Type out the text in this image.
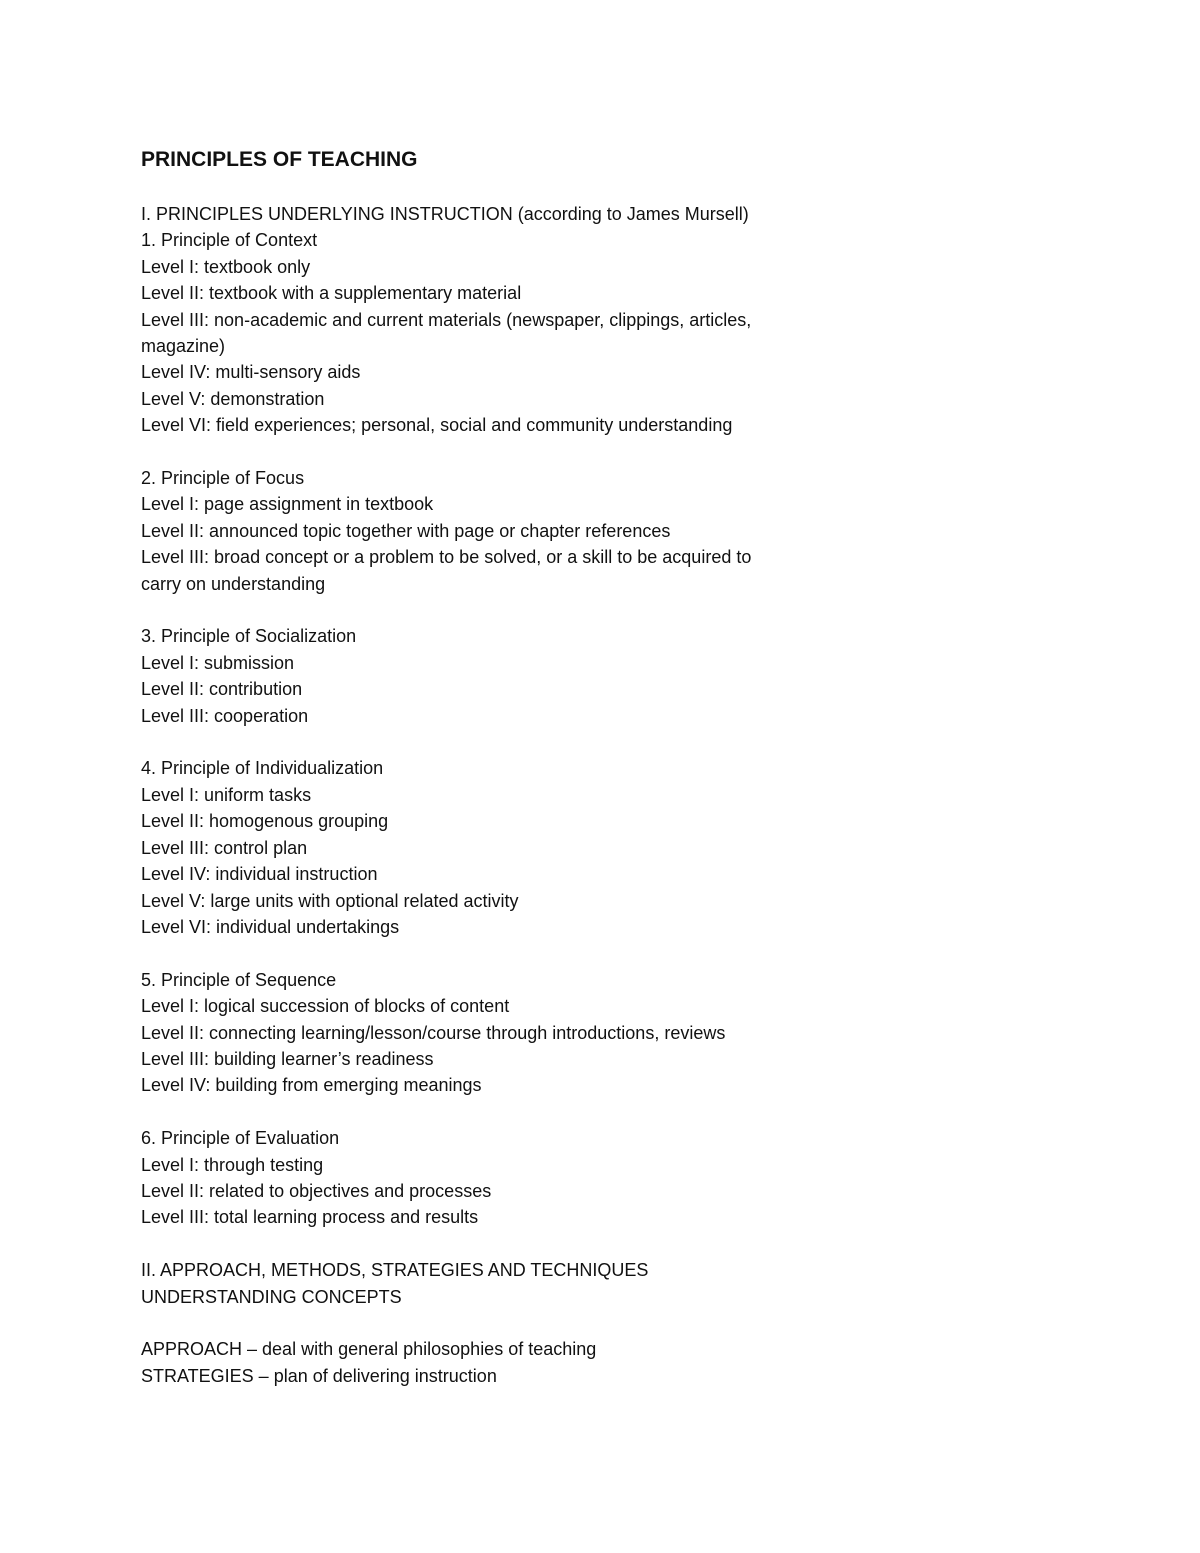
PRINCIPLES OF TEACHING
I. PRINCIPLES UNDERLYING INSTRUCTION (according to James Mursell)
1. Principle of Context
Level I: textbook only
Level II: textbook with a supplementary material
Level III: non-academic and current materials (newspaper, clippings, articles,
magazine)
Level IV: multi-sensory aids
Level V: demonstration
Level VI: field experiences; personal, social and community understanding
2. Principle of Focus
Level I: page assignment in textbook
Level II: announced topic together with page or chapter references
Level III: broad concept or a problem to be solved, or a skill to be acquired to
carry on understanding
3. Principle of Socialization
Level I: submission
Level II: contribution
Level III: cooperation
4. Principle of Individualization
Level I: uniform tasks
Level II: homogenous grouping
Level III: control plan
Level IV: individual instruction
Level V: large units with optional related activity
Level VI: individual undertakings
5. Principle of Sequence
Level I: logical succession of blocks of content
Level II: connecting learning/lesson/course through introductions, reviews
Level III: building learner’s readiness
Level IV: building from emerging meanings
6. Principle of Evaluation
Level I: through testing
Level II: related to objectives and processes
Level III: total learning process and results
II. APPROACH, METHODS, STRATEGIES AND TECHNIQUES
UNDERSTANDING CONCEPTS
APPROACH – deal with general philosophies of teaching
STRATEGIES – plan of delivering instruction
